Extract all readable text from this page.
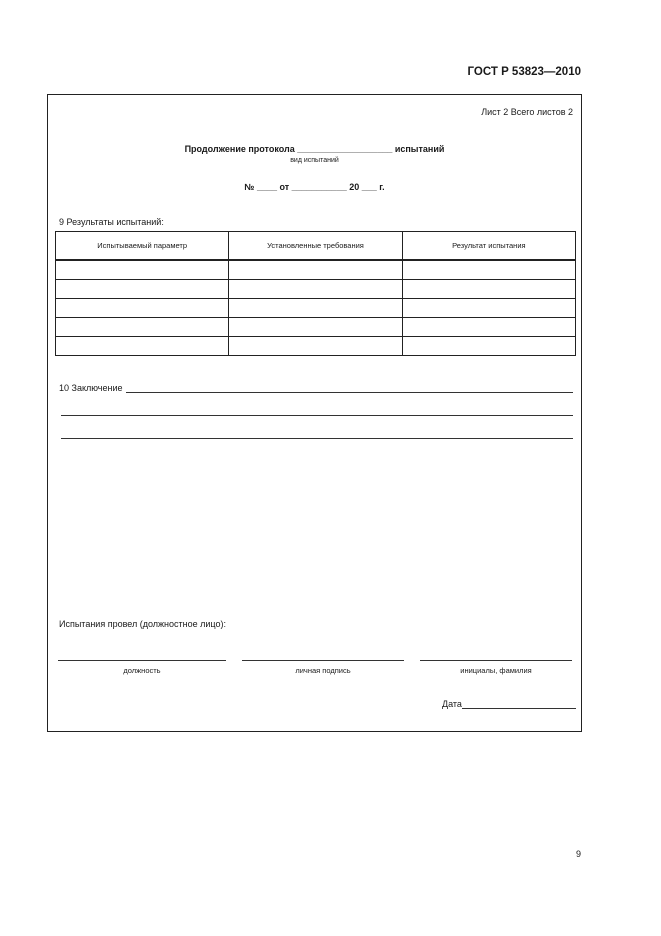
ГОСТ Р 53823—2010
Лист 2 Всего листов 2
Продолжение протокола ___________________ испытаний
вид испытаний
№ ____ от ___________ 20 ___ г.
9 Результаты испытаний:
Испытываемый параметр	Установленные требования	Результат испытания

10 Заключение
Испытания провел (должностное лицо):
должность	личная подпись	инициалы, фамилия
Дата
9
